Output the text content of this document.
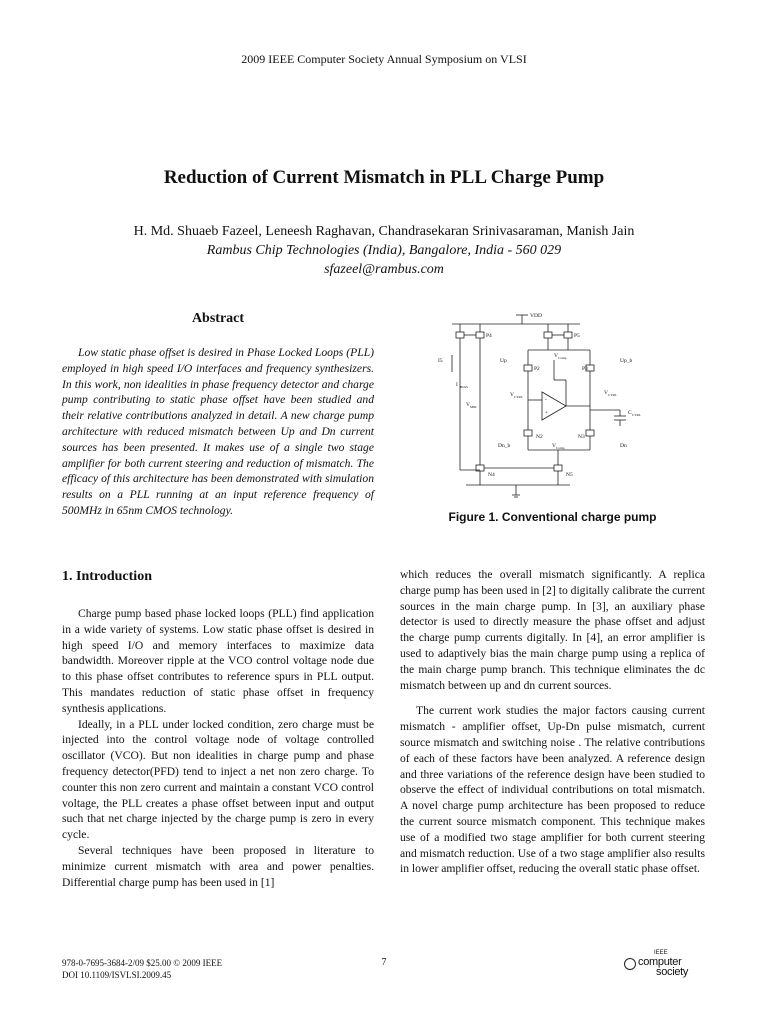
2009 IEEE Computer Society Annual Symposium on VLSI
Reduction of Current Mismatch in PLL Charge Pump
H. Md. Shuaeb Fazeel, Leneesh Raghavan, Chandrasekaran Srinivasaraman, Manish Jain
Rambus Chip Technologies (India), Bangalore, India - 560 029
sfazeel@rambus.com
Abstract

Low static phase offset is desired in Phase Locked Loops (PLL) employed in high speed I/O interfaces and frequency synthesizers. In this work, non idealities in phase frequency detector and charge pump contributing to static phase offset have been studied and their relative contributions analyzed in detail. A new charge pump architecture with reduced mismatch between Up and Dn current sources has been presented. It makes use of a single two stage amplifier for both current steering and reduction of mismatch. The efficacy of this architecture has been demonstrated with simulation results on a PLL running at an input reference frequency of 500MHz in 65nm CMOS technology.

VDD
P4	P5
I5	Up
P2
V Comp
P3
Up_b
I BIAS
V MIR
V CTRL
V CTRL
C CTRL
-
+
N2	N3
Dn_b	Dn
V Comp
N4	N5
Figure 1. Conventional charge pump
1. Introduction

Charge pump based phase locked loops (PLL) find application in a wide variety of systems. Low static phase offset is desired in high speed I/O and memory interfaces to maximize data bandwidth. Moreover ripple at the VCO control voltage node due to this phase offset contributes to reference spurs in PLL output. This mandates reduction of static phase offset in frequency synthesis applications.

Ideally, in a PLL under locked condition, zero charge must be injected into the control voltage node of voltage controlled oscillator (VCO). But non idealities in charge pump and phase frequency detector(PFD) tend to inject a net non zero charge. To counter this non zero current and maintain a constant VCO control voltage, the PLL creates a phase offset between input and output such that net charge injected by the charge pump is zero in every cycle.

Several techniques have been proposed in literature to minimize current mismatch with area and power penalties. Differential charge pump has been used in [1]

which reduces the overall mismatch significantly. A replica charge pump has been used in [2] to digitally calibrate the current sources in the main charge pump. In [3], an auxiliary phase detector is used to directly measure the phase offset and adjust the charge pump currents digitally. In [4], an error amplifier is used to adaptively bias the main charge pump using a replica of the main charge pump branch. This technique eliminates the dc mismatch between up and dn current sources.

The current work studies the major factors causing current mismatch - amplifier offset, Up-Dn pulse mismatch, current source mismatch and switching noise . The relative contributions of each of these factors have been analyzed. A reference design and three variations of the reference design have been studied to observe the effect of individual contributions on total mismatch. A novel charge pump architecture has been proposed to reduce the current source mismatch component. This technique makes use of a modified two stage amplifier for both current steering and mismatch reduction. Use of a two stage amplifier also results in lower amplifier offset, reducing the overall static phase offset.

978-0-7695-3684-2/09 $25.00 © 2009 IEEE
DOI 10.1109/ISVLSI.2009.45
7
IEEE
computer
society
